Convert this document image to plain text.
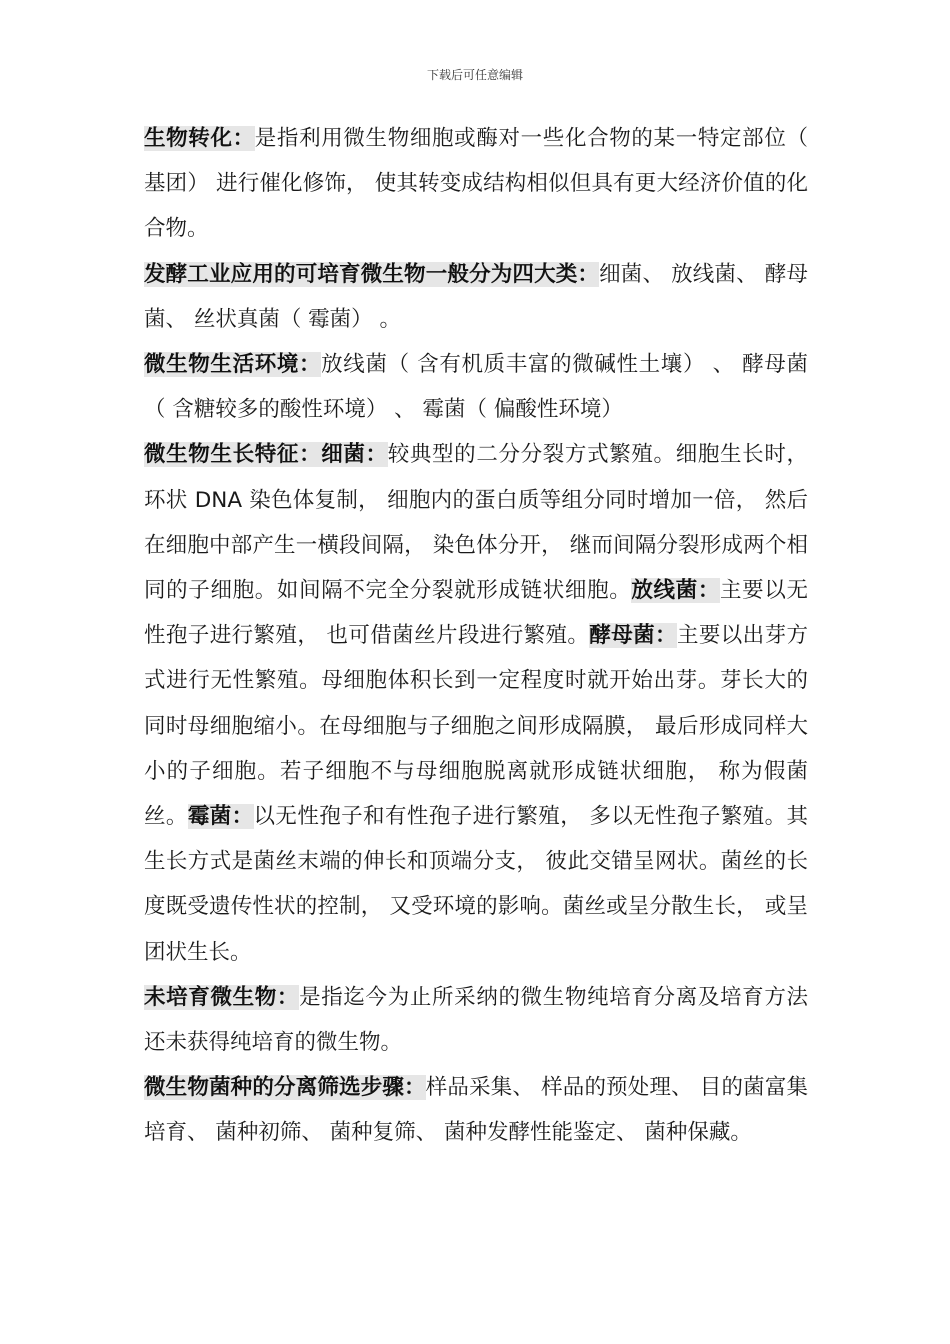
下载后可任意编辑

生物转化：是指利用微生物细胞或酶对一些化合物的某一特定部位（ 基团） 进行催化修饰， 使其转变成结构相似但具有更大经济价值的化合物。

发酵工业应用的可培育微生物一般分为四大类：细菌、 放线菌、 酵母菌、 丝状真菌（ 霉菌） 。

微生物生活环境：放线菌（ 含有机质丰富的微碱性土壤） 、 酵母菌（ 含糖较多的酸性环境） 、 霉菌（ 偏酸性环境）

微生物生长特征：细菌：较典型的二分分裂方式繁殖。细胞生长时， 环状 DNA 染色体复制， 细胞内的蛋白质等组分同时增加一倍， 然后在细胞中部产生一横段间隔， 染色体分开， 继而间隔分裂形成两个相同的子细胞。如间隔不完全分裂就形成链状细胞。放线菌：主要以无性孢子进行繁殖， 也可借菌丝片段进行繁殖。酵母菌：主要以出芽方式进行无性繁殖。母细胞体积长到一定程度时就开始出芽。芽长大的同时母细胞缩小。在母细胞与子细胞之间形成隔膜， 最后形成同样大小的子细胞。若子细胞不与母细胞脱离就形成链状细胞， 称为假菌丝。霉菌：以无性孢子和有性孢子进行繁殖， 多以无性孢子繁殖。其生长方式是菌丝末端的伸长和顶端分支， 彼此交错呈网状。菌丝的长度既受遗传性状的控制， 又受环境的影响。菌丝或呈分散生长， 或呈团状生长。

未培育微生物：是指迄今为止所采纳的微生物纯培育分离及培育方法还未获得纯培育的微生物。

微生物菌种的分离筛选步骤：样品采集、 样品的预处理、 目的菌富集培育、 菌种初筛、 菌种复筛、 菌种发酵性能鉴定、 菌种保藏。
